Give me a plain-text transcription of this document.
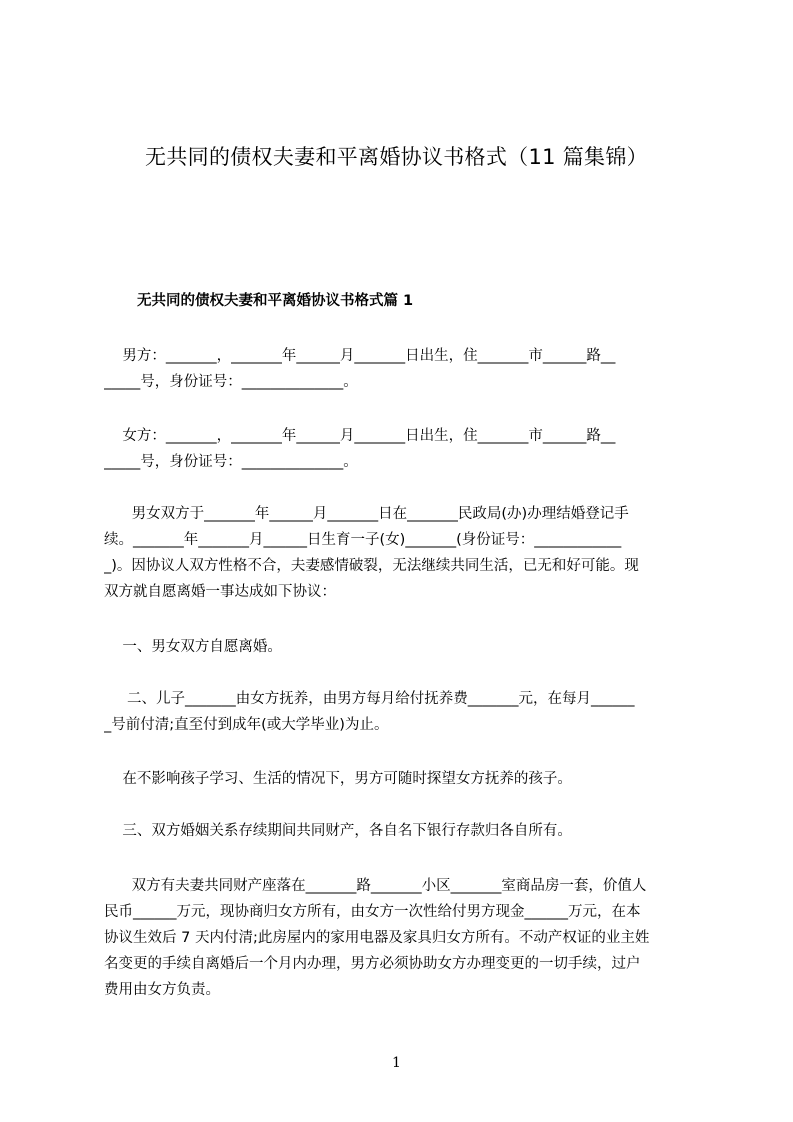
无共同的债权夫妻和平离婚协议书格式（11 篇集锦）
无共同的债权夫妻和平离婚协议书格式篇 1
男方：_______，_______年______月_______日出生，住_______市______路__
_____号，身份证号：______________。
女方：_______，_______年______月_______日出生，住_______市______路__
_____号，身份证号：______________。
男女双方于_______年______月_______日在_______民政局(办)办理结婚登记手
续。_______年_______月______日生育一子(女)_______(身份证号：____________
_)。因协议人双方性格不合，夫妻感情破裂，无法继续共同生活，已无和好可能。现
双方就自愿离婚一事达成如下协议：
一、男女双方自愿离婚。
二、儿子_______由女方抚养，由男方每月给付抚养费_______元，在每月______
_号前付清;直至付到成年(或大学毕业)为止。
在不影响孩子学习、生活的情况下，男方可随时探望女方抚养的孩子。
三、双方婚姻关系存续期间共同财产，各自名下银行存款归各自所有。
双方有夫妻共同财产座落在_______路_______小区_______室商品房一套，价值人
民币______万元，现协商归女方所有，由女方一次性给付男方现金______万元，在本
协议生效后 7 天内付清;此房屋内的家用电器及家具归女方所有。不动产权证的业主姓
名变更的手续自离婚后一个月内办理，男方必须协助女方办理变更的一切手续，过户
费用由女方负责。
1
